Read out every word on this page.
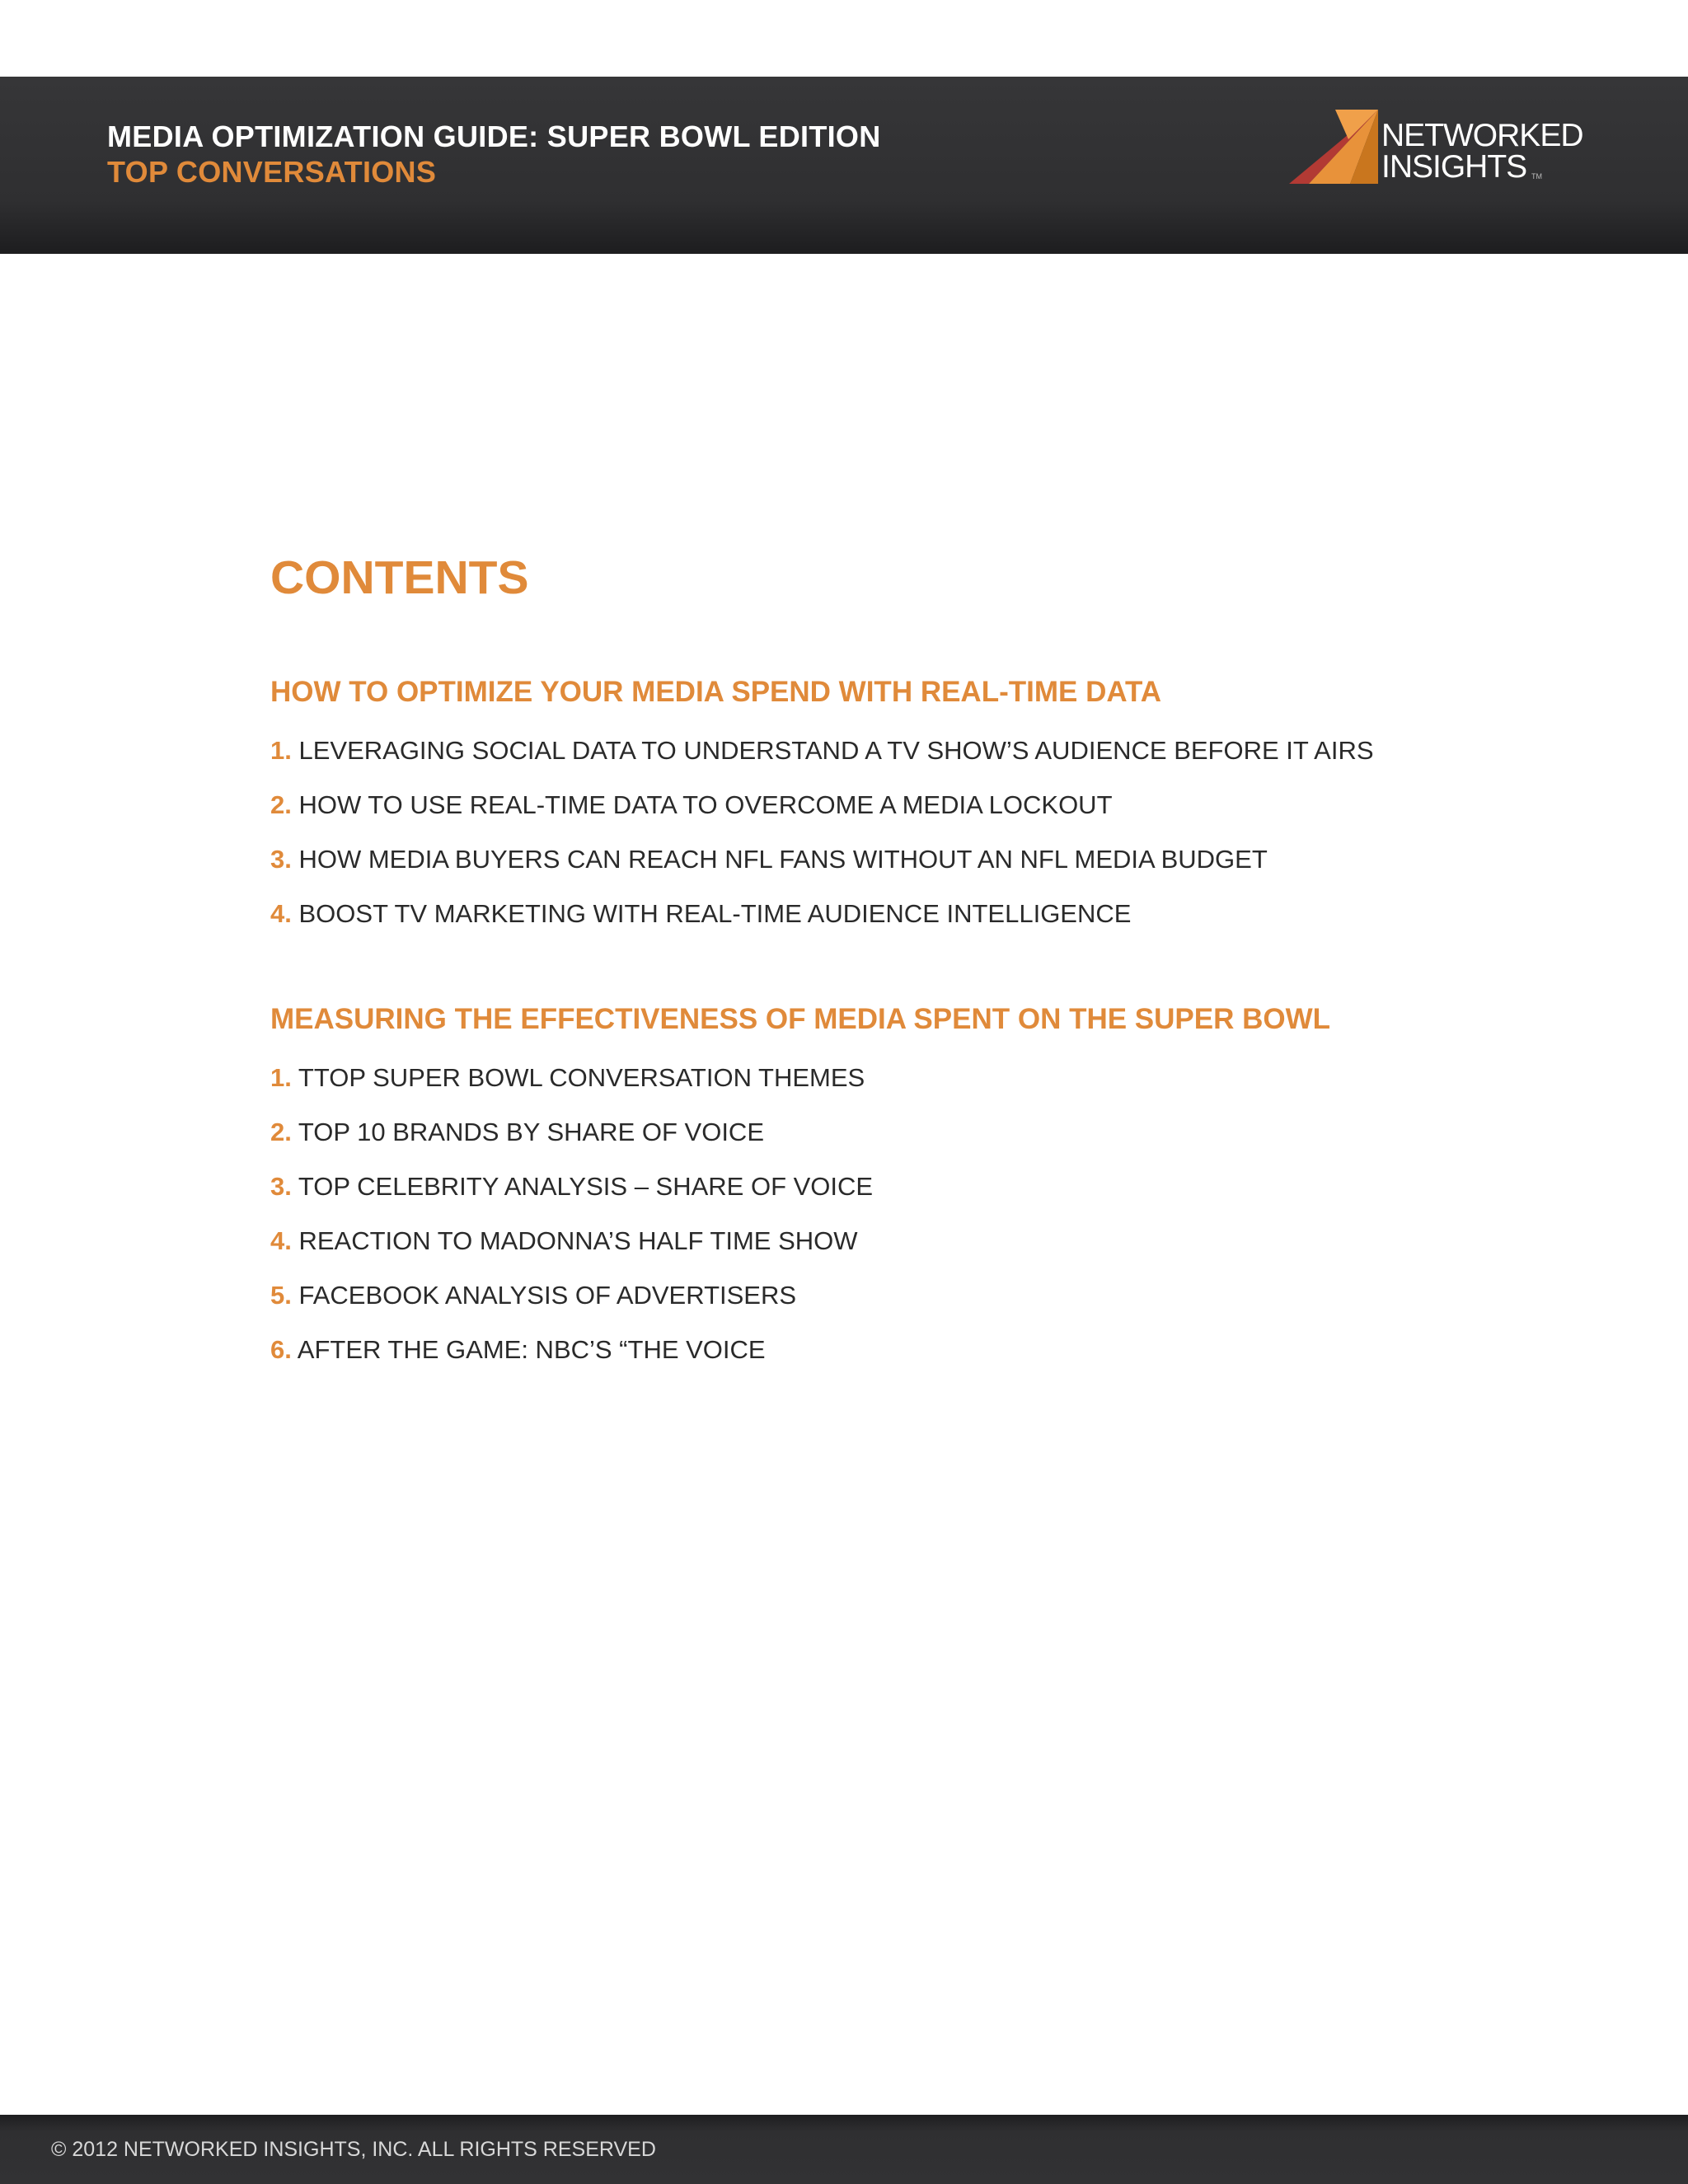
MEDIA OPTIMIZATION GUIDE: SUPER BOWL EDITION
TOP CONVERSATIONS
NETWORKED
INSIGHTS TM
CONTENTS
HOW TO OPTIMIZE YOUR MEDIA SPEND WITH REAL-TIME DATA
1. LEVERAGING SOCIAL DATA TO UNDERSTAND A TV SHOW’S AUDIENCE BEFORE IT AIRS
2. HOW TO USE REAL-TIME DATA TO OVERCOME A MEDIA LOCKOUT
3. HOW MEDIA BUYERS CAN REACH NFL FANS WITHOUT AN NFL MEDIA BUDGET
4. BOOST TV MARKETING WITH REAL-TIME AUDIENCE INTELLIGENCE
MEASURING THE EFFECTIVENESS OF MEDIA SPENT ON THE SUPER BOWL
1. TTOP SUPER BOWL CONVERSATION THEMES
2. TOP 10 BRANDS BY SHARE OF VOICE
3. TOP CELEBRITY ANALYSIS – SHARE OF VOICE
4. REACTION TO MADONNA’S HALF TIME SHOW
5. FACEBOOK ANALYSIS OF ADVERTISERS
6. AFTER THE GAME: NBC’S “THE VOICE
© 2012 NETWORKED INSIGHTS, INC. ALL RIGHTS RESERVED
